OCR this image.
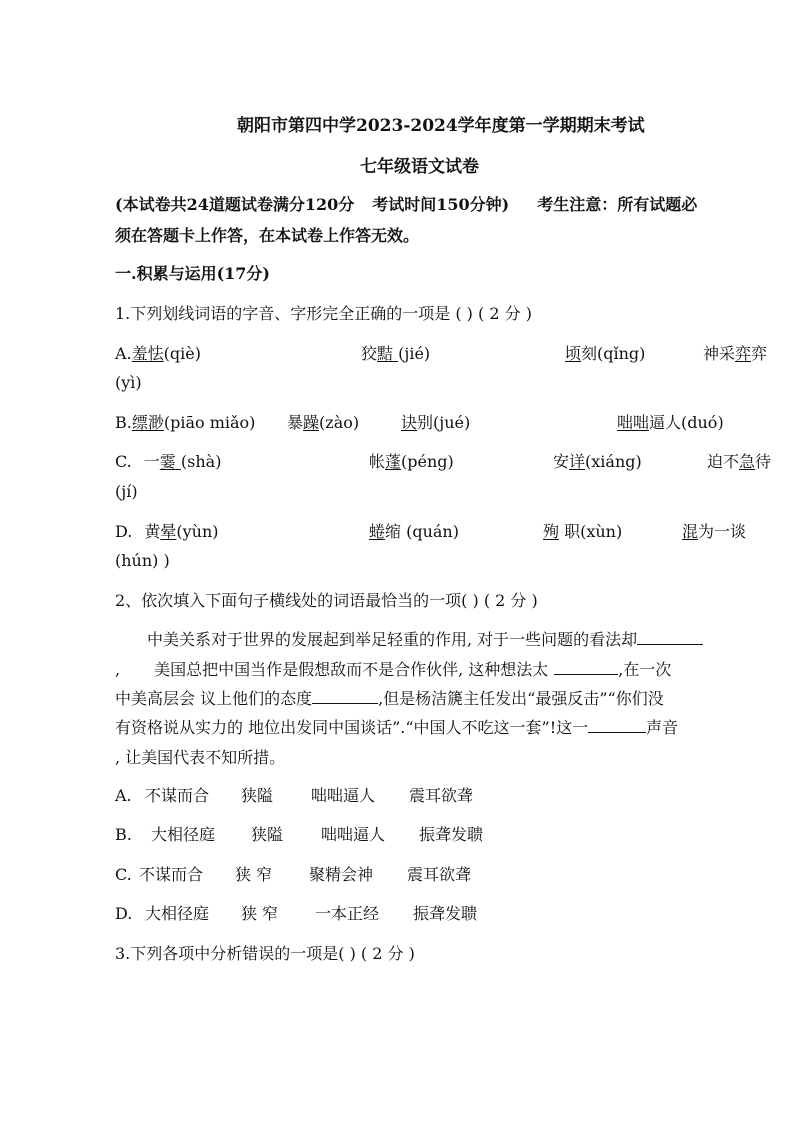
朝阳市第四中学2023-2024学年度第一学期期末考试
七年级语文试卷
(本试卷共24道题试卷满分120分 考试时间150分钟) 考生注意：所有试题必
须在答题卡上作答，在本试卷上作答无效。
一.积累与运用(17分)
1.下列划线词语的字音、字形完全正确的一项是 ( ) ( 2 分 )
A.羞怯(qiè)	狡黠 (jié)	顷刻(qǐng)	神采弈弈
(yì)
B.缥渺(piāo miǎo) 暴躁(zào)	诀别(jué)	咄咄逼人(duó)
C. 一霎 (shà)	帐蓬(péng)	安详(xiáng)	迫不急待
(jí)
D. 黄晕(yùn)	蜷缩 (quán)	殉 职(xùn)	混为一谈
(hún) )
2、依次填入下面句子横线处的词语最恰当的一项( ) ( 2 分 )
中美关系对于世界的发展起到举足轻重的作用, 对于一些问题的看法却
, 美国总把中国当作是假想敌而不是合作伙伴, 这种想法太	,在一次
中美高层会 议上他们的态度	,但是杨洁篪主任发出“最强反击”“你们没
有资格说从实力的 地位出发同中国谈话”.“中国人不吃这一套”!这一	声音
, 让美国代表不知所措。
A. 不谋而合 狭隘 咄咄逼人 震耳欲聋
B. 大相径庭 狭隘 咄咄逼人 振聋发聩
C. 不谋而合 狭 窄 聚精会神 震耳欲聋
D. 大相径庭 狭 窄 一本正经 振聋发聩
3.下列各项中分析错误的一项是( ) ( 2 分 )
